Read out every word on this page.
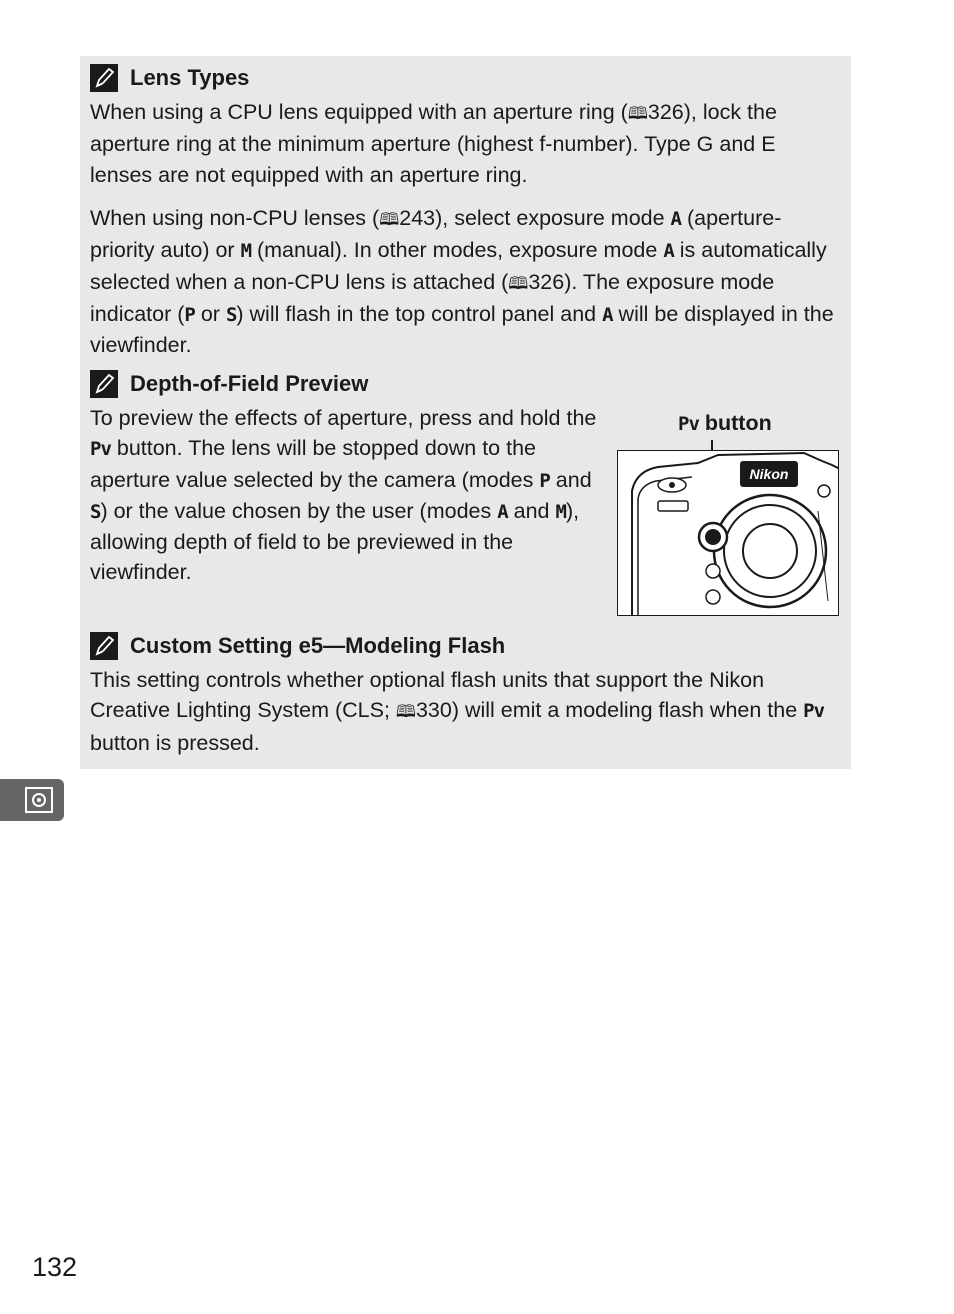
Lens Types

When using a CPU lens equipped with an aperture ring (🕮326), lock the aperture ring at the minimum aperture (highest f-number). Type G and E lenses are not equipped with an aperture ring.

When using non-CPU lenses (🕮243), select exposure mode A (aperture-priority auto) or M (manual). In other modes, exposure mode A is automatically selected when a non-CPU lens is attached (🕮326). The exposure mode indicator (P or S) will flash in the top control panel and A will be displayed in the viewfinder.

Depth-of-Field Preview

To preview the effects of aperture, press and hold the Pv button. The lens will be stopped down to the aperture value selected by the camera (modes P and S) or the value chosen by the user (modes A and M), allowing depth of field to be previewed in the viewfinder.

Pv button
Nikon
Custom Setting e5—Modeling Flash

This setting controls whether optional flash units that support the Nikon Creative Lighting System (CLS; 🕮330) will emit a modeling flash when the Pv button is pressed.

132
